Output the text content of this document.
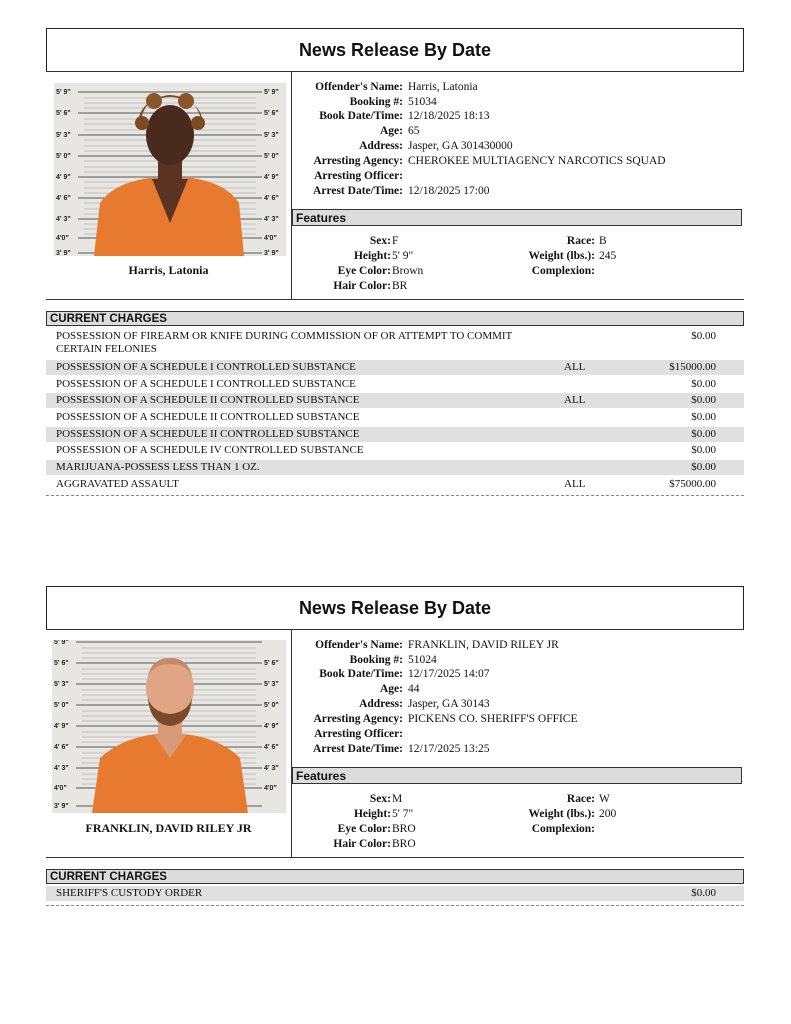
News Release By Date
5' 9"
5' 6"
5' 3"
5' 0"
4' 9"
4' 6"
4' 3"
4'0"
3' 9"
5' 9"
5' 6"
5' 3"
5' 0"
4' 9"
4' 6"
4' 3"
4'0"
3' 9"
Harris, Latonia
Offender's Name: Harris, Latonia
Booking #: 51034
Book Date/Time: 12/18/2025 18:13
Age: 65
Address: Jasper, GA 301430000
Arresting Agency: CHEROKEE MULTIAGENCY NARCOTICS SQUAD
Arresting Officer:
Arrest Date/Time: 12/18/2025 17:00
Features
Sex: F
Height: 5' 9"
Eye Color: Brown
Hair Color: BR
Race: B
Weight (lbs.): 245
Complexion:
CURRENT CHARGES
POSSESSION OF FIREARM OR KNIFE DURING COMMISSION OF OR ATTEMPT TO COMMIT CERTAIN FELONIES
$0.00
POSSESSION OF A SCHEDULE I CONTROLLED SUBSTANCE	ALL	$15000.00
POSSESSION OF A SCHEDULE I CONTROLLED SUBSTANCE	$0.00
POSSESSION OF A SCHEDULE II CONTROLLED SUBSTANCE	ALL	$0.00
POSSESSION OF A SCHEDULE II CONTROLLED SUBSTANCE	$0.00
POSSESSION OF A SCHEDULE II CONTROLLED SUBSTANCE	$0.00
POSSESSION OF A SCHEDULE IV CONTROLLED SUBSTANCE	$0.00
MARIJUANA-POSSESS LESS THAN 1 OZ.	$0.00
AGGRAVATED ASSAULT	ALL	$75000.00
News Release By Date
5' 9"
5' 6"
5' 3"
5' 0"
4' 9"
4' 6"
4' 3"
4'0"
3' 9"
5' 6"
5' 3"
5' 0"
4' 9"
4' 6"
4' 3"
4'0"
FRANKLIN, DAVID RILEY JR
Offender's Name: FRANKLIN, DAVID RILEY JR
Booking #: 51024
Book Date/Time: 12/17/2025 14:07
Age: 44
Address: Jasper, GA 30143
Arresting Agency: PICKENS CO. SHERIFF'S OFFICE
Arresting Officer:
Arrest Date/Time: 12/17/2025 13:25
Features
Sex: M
Height: 5' 7"
Eye Color: BRO
Hair Color: BRO
Race: W
Weight (lbs.): 200
Complexion:
CURRENT CHARGES
SHERIFF'S CUSTODY ORDER	$0.00
